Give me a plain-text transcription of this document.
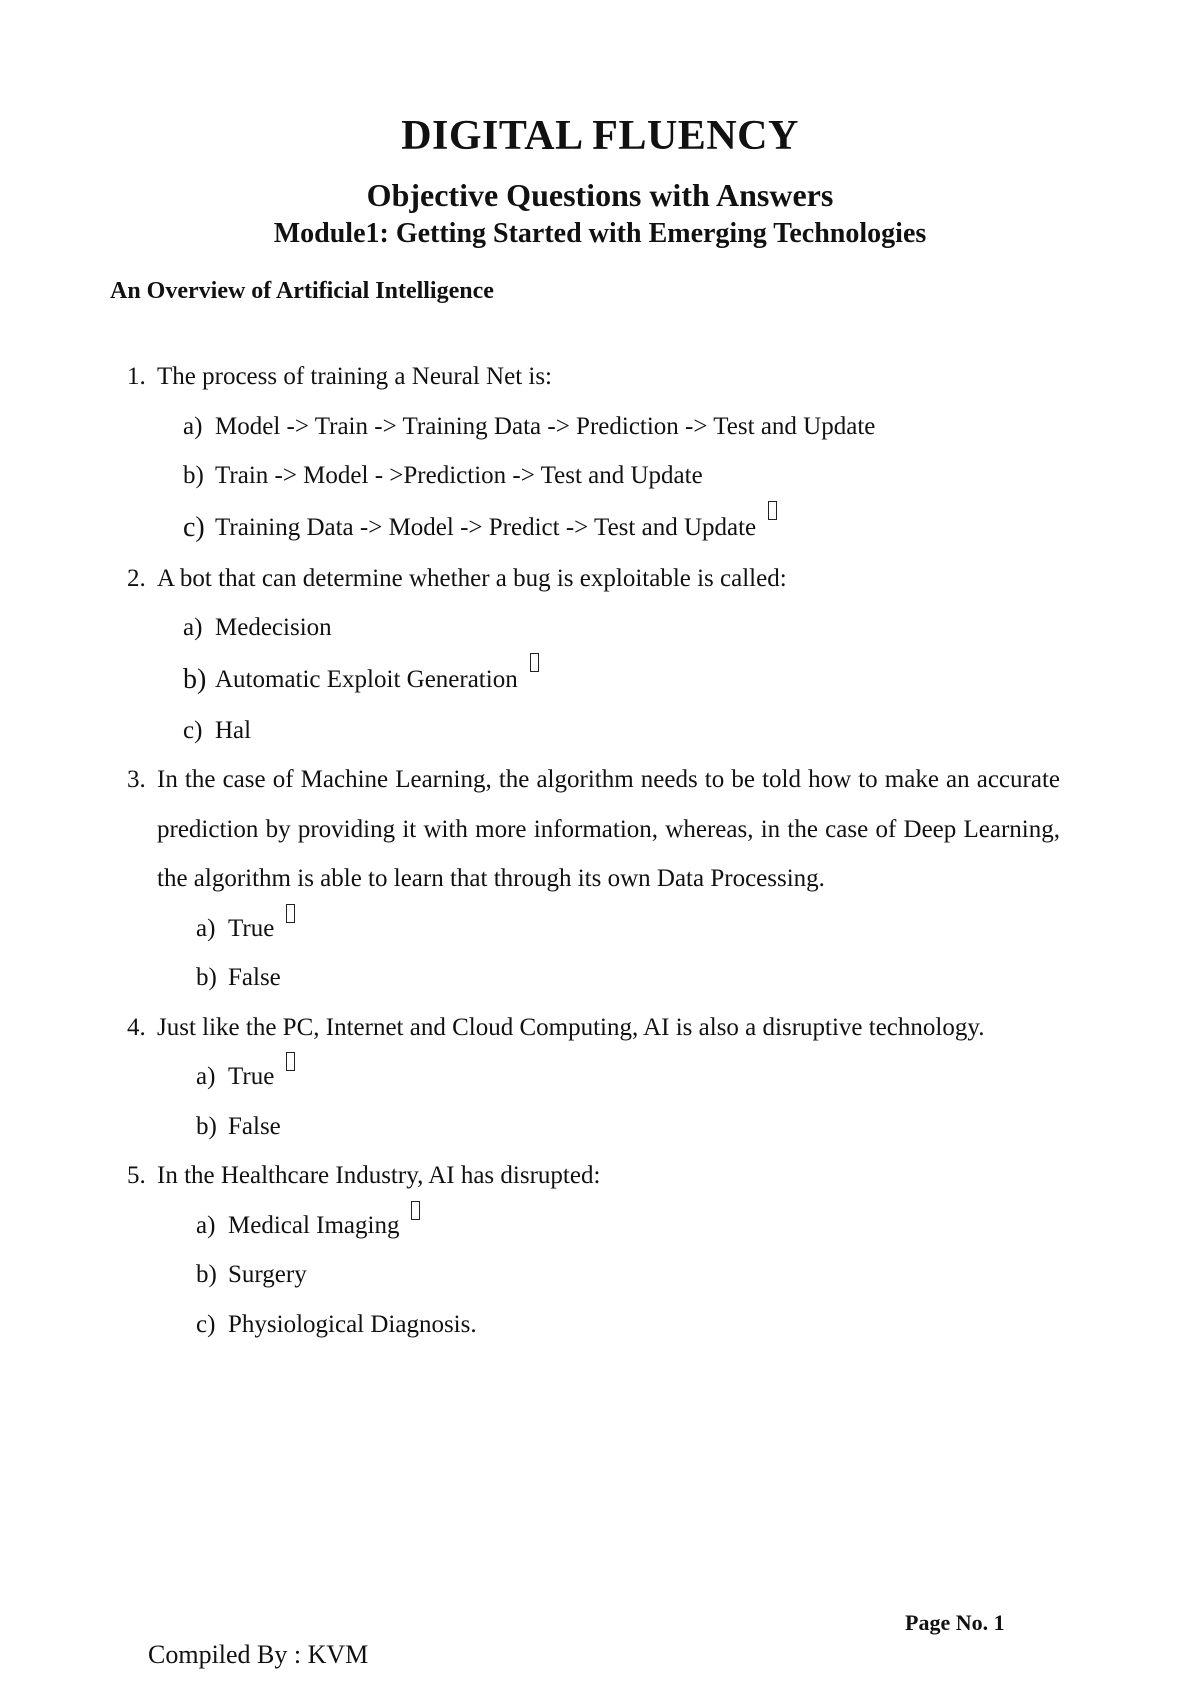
DIGITAL FLUENCY
Objective Questions with Answers
Module1: Getting Started with Emerging Technologies
An Overview of Artificial Intelligence
1. The process of training a Neural Net is:
a) Model -> Train -> Training Data -> Prediction -> Test and Update
b) Train -> Model - >Prediction -> Test and Update
c) Training Data -> Model -> Predict -> Test and Update
2. A bot that can determine whether a bug is exploitable is called:
a) Medecision
b) Automatic Exploit Generation
c) Hal
3. In the case of Machine Learning, the algorithm needs to be told how to make an accurate prediction by providing it with more information, whereas, in the case of Deep Learning, the algorithm is able to learn that through its own Data Processing.
a) True
b) False
4. Just like the PC, Internet and Cloud Computing, AI is also a disruptive technology.
a) True
b) False
5. In the Healthcare Industry, AI has disrupted:
a) Medical Imaging
b) Surgery
c) Physiological Diagnosis.

Page No. 1

Compiled By : KVM
